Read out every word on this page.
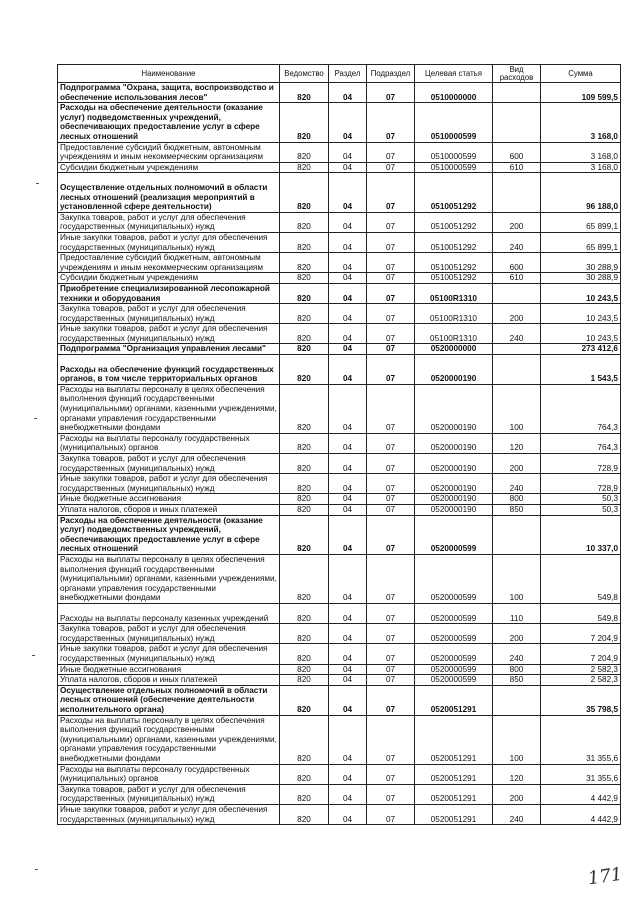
Наименование	Ведомство	Раздел	Подраздел	Целевая статья	Вид расходов	Сумма
Подпрограмма "Охрана, защита, воспроизводство и обеспечение использования лесов"	820	04	07	0510000000		109 599,5
Расходы на обеспечение деятельности (оказание услуг) подведомственных учреждений, обеспечивающих предоставление услуг в сфере лесных отношений	820	04	07	0510000599		3 168,0
Предоставление субсидий бюджетным, автономным учреждениям и иным некоммерческим организациям	820	04	07	0510000599	600	3 168,0
Субсидии бюджетным учреждениям	820	04	07	0510000599	610	3 168,0
Осуществление отдельных полномочий в области лесных отношений (реализация мероприятий в установленной сфере деятельности)	820	04	07	0510051292		96 188,0
Закупка товаров, работ и услуг для обеспечения государственных (муниципальных) нужд	820	04	07	0510051292	200	65 899,1
Иные закупки товаров, работ и услуг для обеспечения государственных (муниципальных) нужд	820	04	07	0510051292	240	65 899,1
Предоставление субсидий бюджетным, автономным учреждениям и иным некоммерческим организациям	820	04	07	0510051292	600	30 288,9
Субсидии бюджетным учреждениям	820	04	07	0510051292	610	30 288,9
Приобретение специализированной лесопожарной техники и оборудования	820	04	07	05100R1310		10 243,5
Закупка товаров, работ и услуг для обеспечения государственных (муниципальных) нужд	820	04	07	05100R1310	200	10 243,5
Иные закупки товаров, работ и услуг для обеспечения государственных (муниципальных) нужд	820	04	07	05100R1310	240	10 243,5
Подпрограмма "Организация управления лесами"	820	04	07	0520000000		273 412,6
Расходы на обеспечение функций государственных органов, в том числе территориальных органов	820	04	07	0520000190		1 543,5
Расходы на выплаты персоналу в целях обеспечения выполнения функций государственными (муниципальными) органами, казенными учреждениями, органами управления государственными внебюджетными фондами	820	04	07	0520000190	100	764,3
Расходы на выплаты персоналу государственных (муниципальных) органов	820	04	07	0520000190	120	764,3
Закупка товаров, работ и услуг для обеспечения государственных (муниципальных) нужд	820	04	07	0520000190	200	728,9
Иные закупки товаров, работ и услуг для обеспечения государственных (муниципальных) нужд	820	04	07	0520000190	240	728,9
Иные бюджетные ассигнования	820	04	07	0520000190	800	50,3
Уплата налогов, сборов и иных платежей	820	04	07	0520000190	850	50,3
Расходы на обеспечение деятельности (оказание услуг) подведомственных учреждений, обеспечивающих предоставление услуг в сфере лесных отношений	820	04	07	0520000599		10 337,0
Расходы на выплаты персоналу в целях обеспечения выполнения функций государственными (муниципальными) органами, казенными учреждениями, органами управления государственными внебюджетными фондами	820	04	07	0520000599	100	549,8
Расходы на выплаты персоналу казенных учреждений	820	04	07	0520000599	110	549,8
Закупка товаров, работ и услуг для обеспечения государственных (муниципальных) нужд	820	04	07	0520000599	200	7 204,9
Иные закупки товаров, работ и услуг для обеспечения государственных (муниципальных) нужд	820	04	07	0520000599	240	7 204,9
Иные бюджетные ассигнования	820	04	07	0520000599	800	2 582,3
Уплата налогов, сборов и иных платежей	820	04	07	0520000599	850	2 582,3
Осуществление отдельных полномочий в области лесных отношений (обеспечение деятельности исполнительного органа)	820	04	07	0520051291		35 798,5
Расходы на выплаты персоналу в целях обеспечения выполнения функций государственными (муниципальными) органами, казенными учреждениями, органами управления государственными внебюджетными фондами	820	04	07	0520051291	100	31 355,6
Расходы на выплаты персоналу государственных (муниципальных) органов	820	04	07	0520051291	120	31 355,6
Закупка товаров, работ и услуг для обеспечения государственных (муниципальных) нужд	820	04	07	0520051291	200	4 442,9
Иные закупки товаров, работ и услуг для обеспечения государственных (муниципальных) нужд	820	04	07	0520051291	240	4 442,9
171
